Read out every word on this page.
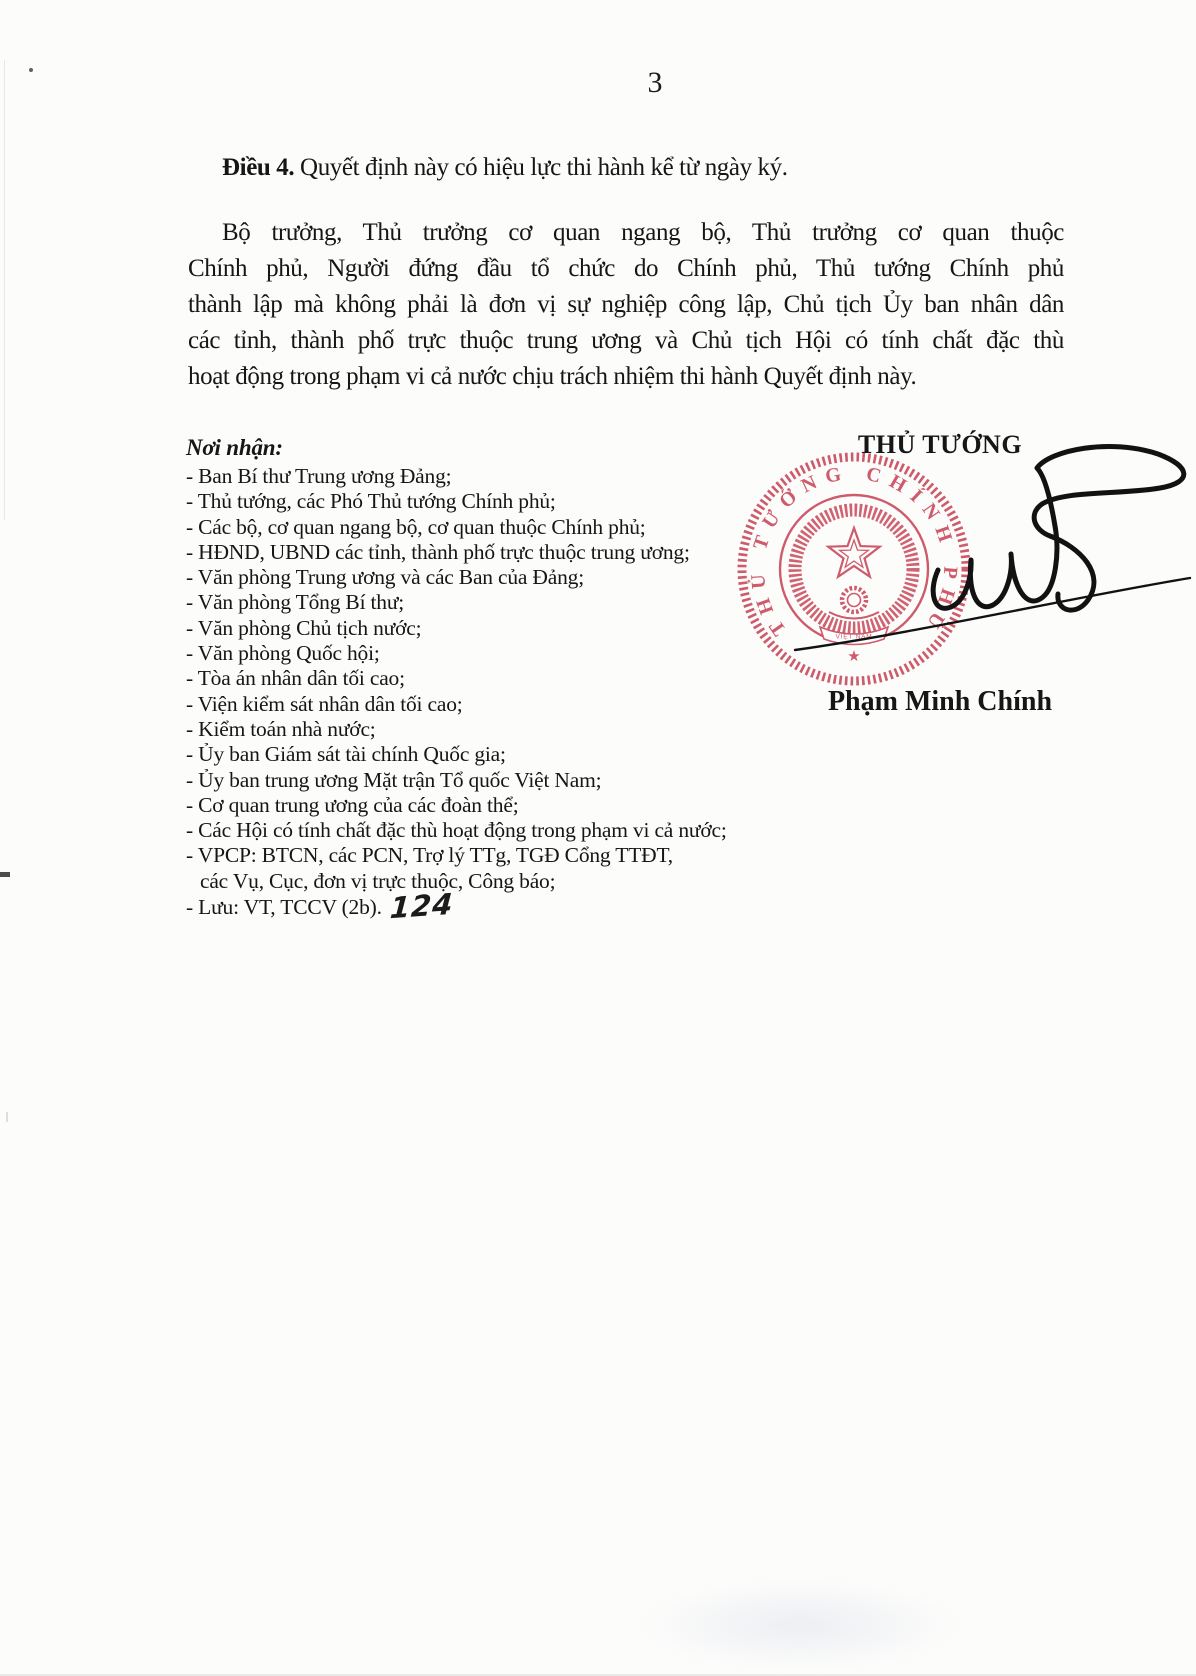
3

Điều 4. Quyết định này có hiệu lực thi hành kể từ ngày ký.

Bộ trưởng, Thủ trưởng cơ quan ngang bộ, Thủ trưởng cơ quan thuộc
Chính phủ, Người đứng đầu tổ chức do Chính phủ, Thủ tướng Chính phủ
thành lập mà không phải là đơn vị sự nghiệp công lập, Chủ tịch Ủy ban nhân dân
các tỉnh, thành phố trực thuộc trung ương và Chủ tịch Hội có tính chất đặc thù
hoạt động trong phạm vi cả nước chịu trách nhiệm thi hành Quyết định này.

Nơi nhận:

- Ban Bí thư Trung ương Đảng;
- Thủ tướng, các Phó Thủ tướng Chính phủ;
- Các bộ, cơ quan ngang bộ, cơ quan thuộc Chính phủ;
- HĐND, UBND các tỉnh, thành phố trực thuộc trung ương;
- Văn phòng Trung ương và các Ban của Đảng;
- Văn phòng Tổng Bí thư;
- Văn phòng Chủ tịch nước;
- Văn phòng Quốc hội;
- Tòa án nhân dân tối cao;
- Viện kiểm sát nhân dân tối cao;
- Kiểm toán nhà nước;
- Ủy ban Giám sát tài chính Quốc gia;
- Ủy ban trung ương Mặt trận Tổ quốc Việt Nam;
- Cơ quan trung ương của các đoàn thể;
- Các Hội có tính chất đặc thù hoạt động trong phạm vi cả nước;
- VPCP: BTCN, các PCN, Trợ lý TTg, TGĐ Cổng TTĐT,
các Vụ, Cục, đơn vị trực thuộc, Công báo;
- Lưu: VT, TCCV (2b). 124
THỦ TƯỚNG
THỦ TƯỚNG CHÍNH PHỦ
★
VIỆT NAM
Phạm Minh Chính
